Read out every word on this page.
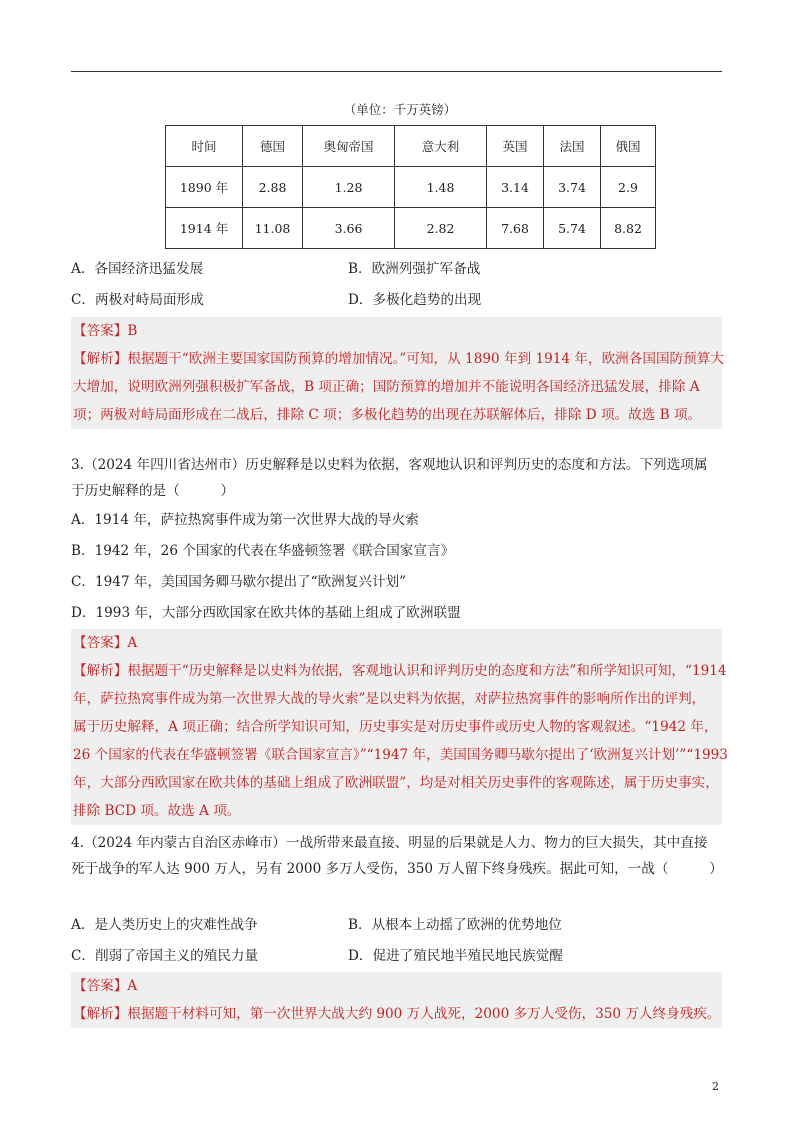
（单位：千万英镑）
时间	德国	奥匈帝国	意大利	英国	法国	俄国
1890 年	2.88	1.28	1.48	3.14	3.74	2.9
1914 年	11.08	3.66	2.82	7.68	5.74	8.82
A．各国经济迅猛发展	B．欧洲列强扩军备战
C．两极对峙局面形成	D．多极化趋势的出现
【答案】B
【解析】根据题干“欧洲主要国家国防预算的增加情况。”可知，从 1890 年到 1914 年，欧洲各国国防预算大
大增加，说明欧洲列强积极扩军备战，B 项正确；国防预算的增加并不能说明各国经济迅猛发展，排除 A
项；两极对峙局面形成在二战后，排除 C 项；多极化趋势的出现在苏联解体后，排除 D 项。故选 B 项。
3.（2024 年四川省达州市）历史解释是以史料为依据，客观地认识和评判历史的态度和方法。下列选项属
于历史解释的是（　　　）
A．1914 年，萨拉热窝事件成为第一次世界大战的导火索
B．1942 年，26 个国家的代表在华盛顿签署《联合国家宣言》
C．1947 年，美国国务卿马歇尔提出了“欧洲复兴计划”
D．1993 年，大部分西欧国家在欧共体的基础上组成了欧洲联盟
【答案】A
【解析】根据题干“历史解释是以史料为依据，客观地认识和评判历史的态度和方法”和所学知识可知，“1914
年，萨拉热窝事件成为第一次世界大战的导火索”是以史料为依据，对萨拉热窝事件的影响所作出的评判，
属于历史解释，A 项正确；结合所学知识可知，历史事实是对历史事件或历史人物的客观叙述。“1942 年，
26 个国家的代表在华盛顿签署《联合国家宣言》”“1947 年，美国国务卿马歇尔提出了‘欧洲复兴计划’”“1993
年，大部分西欧国家在欧共体的基础上组成了欧洲联盟”，均是对相关历史事件的客观陈述，属于历史事实，
排除 BCD 项。故选 A 项。
4.（2024 年内蒙古自治区赤峰市）一战所带来最直接、明显的后果就是人力、物力的巨大损失，其中直接
死于战争的军人达 900 万人，另有 2000 多万人受伤，350 万人留下终身残疾。据此可知，一战（　　　）
A．是人类历史上的灾难性战争	B．从根本上动摇了欧洲的优势地位
C．削弱了帝国主义的殖民力量	D．促进了殖民地半殖民地民族觉醒
【答案】A
【解析】根据题干材料可知，第一次世界大战大约 900 万人战死，2000 多万人受伤，350 万人终身残疾。
2
